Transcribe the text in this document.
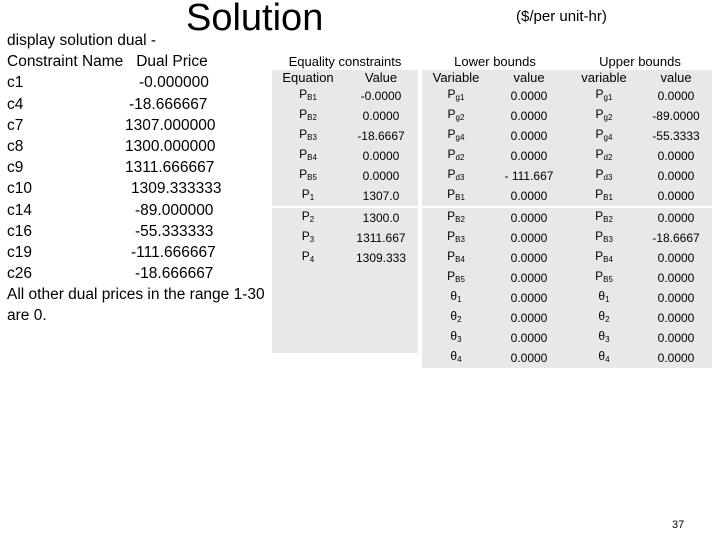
Solution	($/per unit-hr)
display solution dual -
Constraint Name   Dual Price
c1	-0.000000
c4	-18.666667
c7	1307.000000
c8	1300.000000
c9	1311.666667
c10	1309.333333
c14	-89.000000
c16	-55.333333
c19	-111.666667
c26	-18.666667
All other dual prices in the range 1-30 are 0.
Equality constraints	
Equation	Value
$P_{B1}$	-0.0000
$P_{B2}$	0.0000
$P_{B3}$	-18.6667
$P_{B4}$	0.0000
$P_{B5}$	0.0000
$P_1$	1307.0

$P_2$	1300.0
$P_3$	1311.667
$P_4$	1309.333

Lower bounds	
Variable	value
$P_{g1}$	0.0000
$P_{g2}$	0.0000
$P_{g4}$	0.0000
$P_{d2}$	0.0000
$P_{d3}$	- 111.667
$P_{B1}$	0.0000

$P_{B2}$	0.0000
$P_{B3}$	0.0000
$P_{B4}$	0.0000
$P_{B5}$	0.0000
$\theta_1$	0.0000
$\theta_2$	0.0000
$\theta_3$	0.0000
$\theta_4$	0.0000
Upper bounds	
variable	value
$P_{g1}$	0.0000
$P_{g2}$	-89.0000
$P_{g4}$	-55.3333
$P_{d2}$	0.0000
$P_{d3}$	0.0000
$P_{B1}$	0.0000

$P_{B2}$	0.0000
$P_{B3}$	-18.6667
$P_{B4}$	0.0000
$P_{B5}$	0.0000
$\theta_1$	0.0000
$\theta_2$	0.0000
$\theta_3$	0.0000
$\theta_4$	0.0000
37
